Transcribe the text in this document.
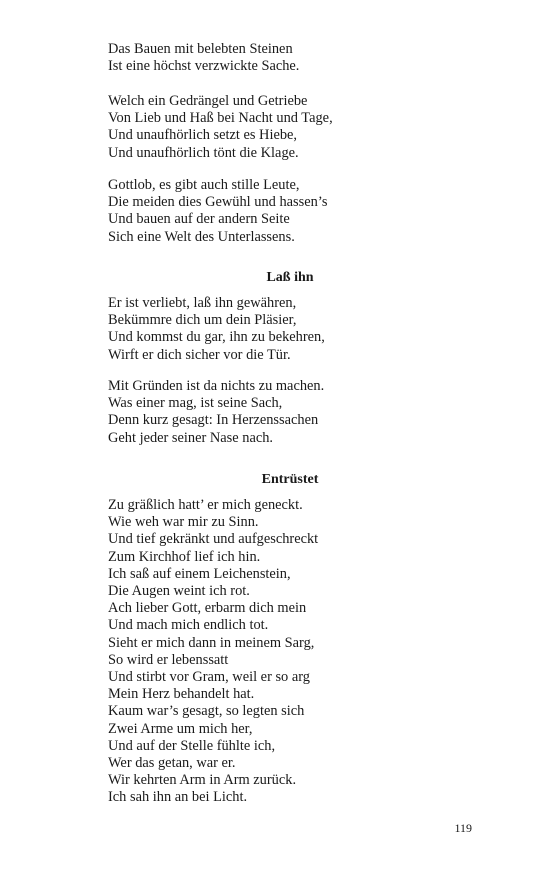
Das Bauen mit belebten Steinen
Ist eine höchst verzwickte Sache.
Welch ein Gedrängel und Getriebe
Von Lieb und Haß bei Nacht und Tage,
Und unaufhörlich setzt es Hiebe,
Und unaufhörlich tönt die Klage.
Gottlob, es gibt auch stille Leute,
Die meiden dies Gewühl und hassen’s
Und bauen auf der andern Seite
Sich eine Welt des Unterlassens.
Laß ihn
Er ist verliebt, laß ihn gewähren,
Bekümmre dich um dein Pläsier,
Und kommst du gar, ihn zu bekehren,
Wirft er dich sicher vor die Tür.
Mit Gründen ist da nichts zu machen.
Was einer mag, ist seine Sach,
Denn kurz gesagt: In Herzenssachen
Geht jeder seiner Nase nach.
Entrüstet
Zu gräßlich hatt’ er mich geneckt.
Wie weh war mir zu Sinn.
Und tief gekränkt und aufgeschreckt
Zum Kirchhof lief ich hin.
Ich saß auf einem Leichenstein,
Die Augen weint ich rot.
Ach lieber Gott, erbarm dich mein
Und mach mich endlich tot.
Sieht er mich dann in meinem Sarg,
So wird er lebenssatt
Und stirbt vor Gram, weil er so arg
Mein Herz behandelt hat.
Kaum war’s gesagt, so legten sich
Zwei Arme um mich her,
Und auf der Stelle fühlte ich,
Wer das getan, war er.
Wir kehrten Arm in Arm zurück.
Ich sah ihn an bei Licht.
119
